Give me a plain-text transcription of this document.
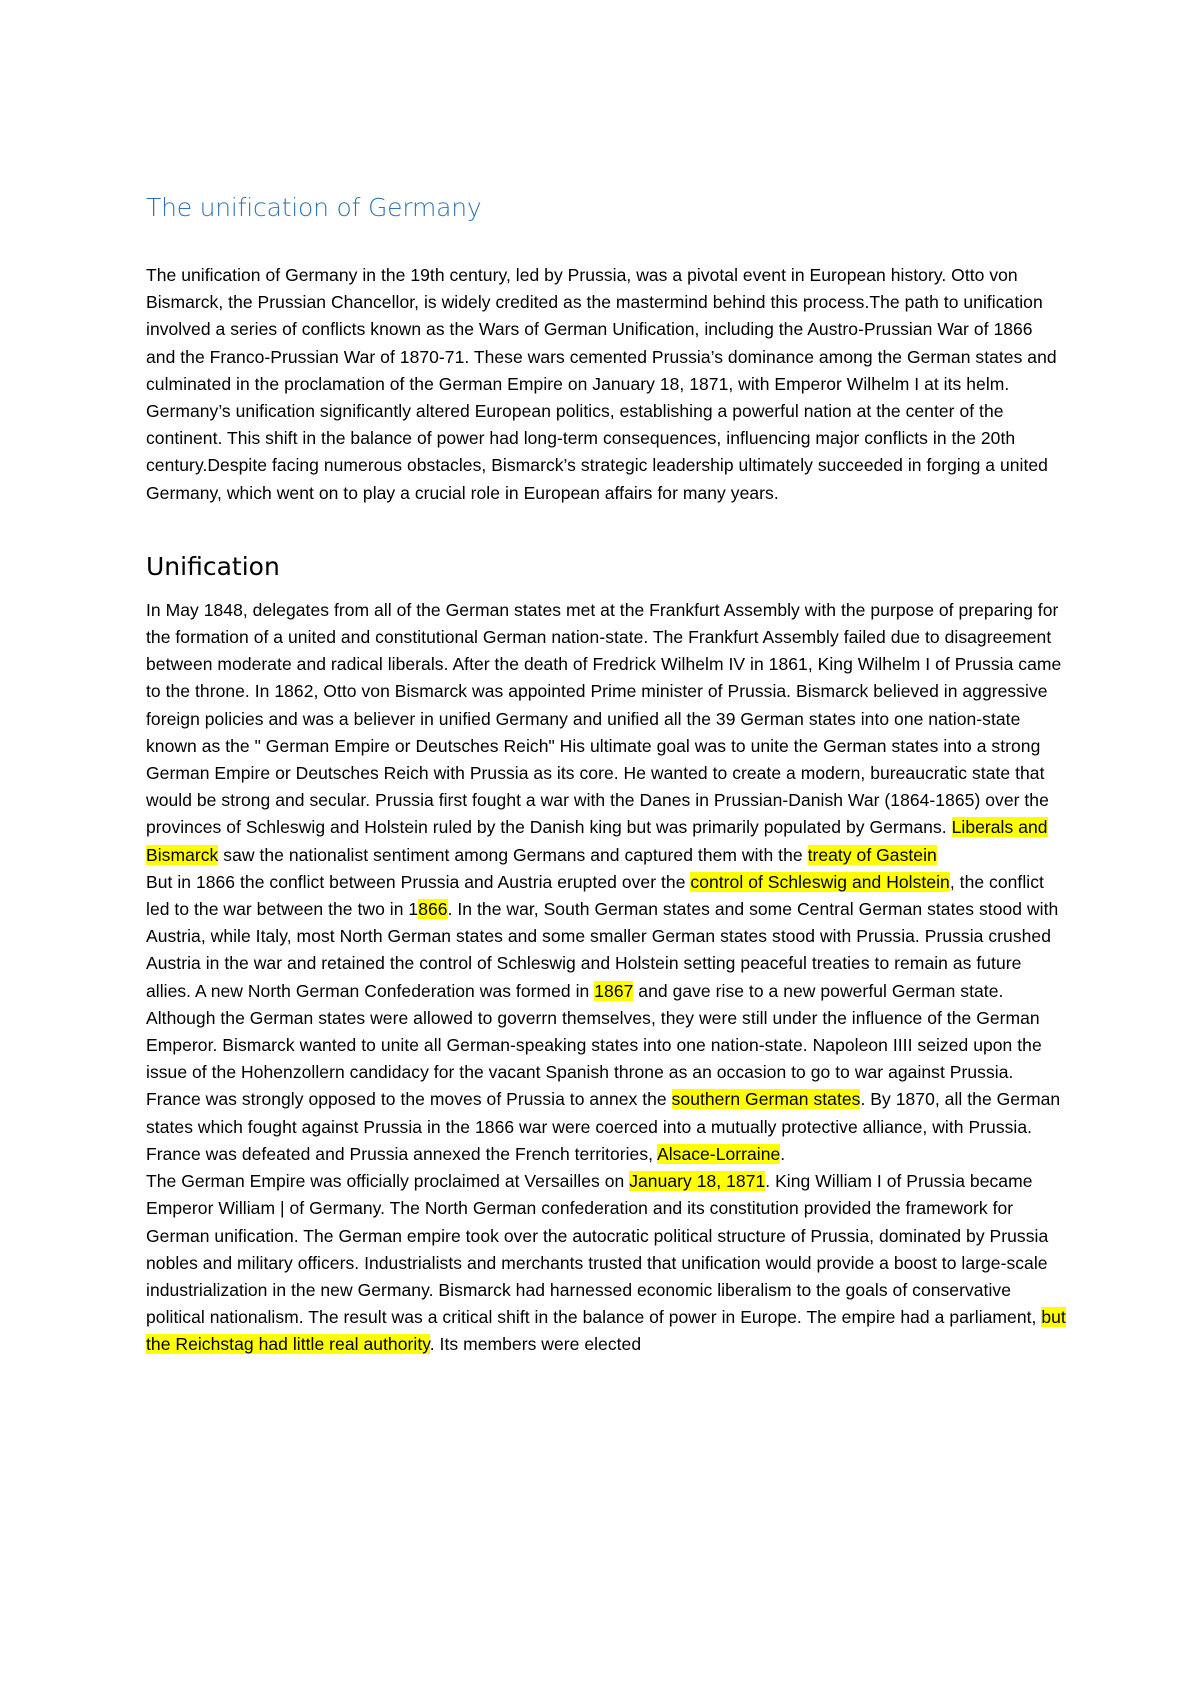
The unification of Germany

The unification of Germany in the 19th century, led by Prussia, was a pivotal event in European history. Otto von Bismarck, the Prussian Chancellor, is widely credited as the mastermind behind this process.The path to unification involved a series of conflicts known as the Wars of German Unification, including the Austro-Prussian War of 1866 and the Franco-Prussian War of 1870-71. These wars cemented Prussia’s dominance among the German states and culminated in the proclamation of the German Empire on January 18, 1871, with Emperor Wilhelm I at its helm. Germany’s unification significantly altered European politics, establishing a powerful nation at the center of the continent. This shift in the balance of power had long-term consequences, influencing major conflicts in the 20th century.Despite facing numerous obstacles, Bismarck’s strategic leadership ultimately succeeded in forging a united Germany, which went on to play a crucial role in European affairs for many years.

Unification

In May 1848, delegates from all of the German states met at the Frankfurt Assembly with the purpose of preparing for the formation of a united and constitutional German nation-state. The Frankfurt Assembly failed due to disagreement between moderate and radical liberals. After the death of Fredrick Wilhelm IV in 1861, King Wilhelm I of Prussia came to the throne. In 1862, Otto von Bismarck was appointed Prime minister of Prussia. Bismarck believed in aggressive foreign policies and was a believer in unified Germany and unified all the 39 German states into one nation-state known as the " German Empire or Deutsches Reich" His ultimate goal was to unite the German states into a strong German Empire or Deutsches Reich with Prussia as its core. He wanted to create a modern, bureaucratic state that would be strong and secular. Prussia first fought a war with the Danes in Prussian-Danish War (1864-1865) over the provinces of Schleswig and Holstein ruled by the Danish king but was primarily populated by Germans. Liberals and Bismarck saw the nationalist sentiment among Germans and captured them with the treaty of Gastein

But in 1866 the conflict between Prussia and Austria erupted over the control of Schleswig and Holstein, the conflict led to the war between the two in 1866. In the war, South German states and some Central German states stood with Austria, while Italy, most North German states and some smaller German states stood with Prussia. Prussia crushed Austria in the war and retained the control of Schleswig and Holstein setting peaceful treaties to remain as future allies. A new North German Confederation was formed in 1867 and gave rise to a new powerful German state. Although the German states were allowed to goverrn themselves, they were still under the influence of the German Emperor. Bismarck wanted to unite all German-speaking states into one nation-state. Napoleon IIII seized upon the issue of the Hohenzollern candidacy for the vacant Spanish throne as an occasion to go to war against Prussia. France was strongly opposed to the moves of Prussia to annex the southern German states. By 1870, all the German states which fought against Prussia in the 1866 war were coerced into a mutually protective alliance, with Prussia. France was defeated and Prussia annexed the French territories, Alsace-Lorraine.

The German Empire was officially proclaimed at Versailles on January 18, 1871. King William I of Prussia became Emperor William | of Germany. The North German confederation and its constitution provided the framework for German unification. The German empire took over the autocratic political structure of Prussia, dominated by Prussia nobles and military officers. Industrialists and merchants trusted that unification would provide a boost to large-scale industrialization in the new Germany. Bismarck had harnessed economic liberalism to the goals of conservative political nationalism. The result was a critical shift in the balance of power in Europe. The empire had a parliament, but the Reichstag had little real authority. Its members were elected
